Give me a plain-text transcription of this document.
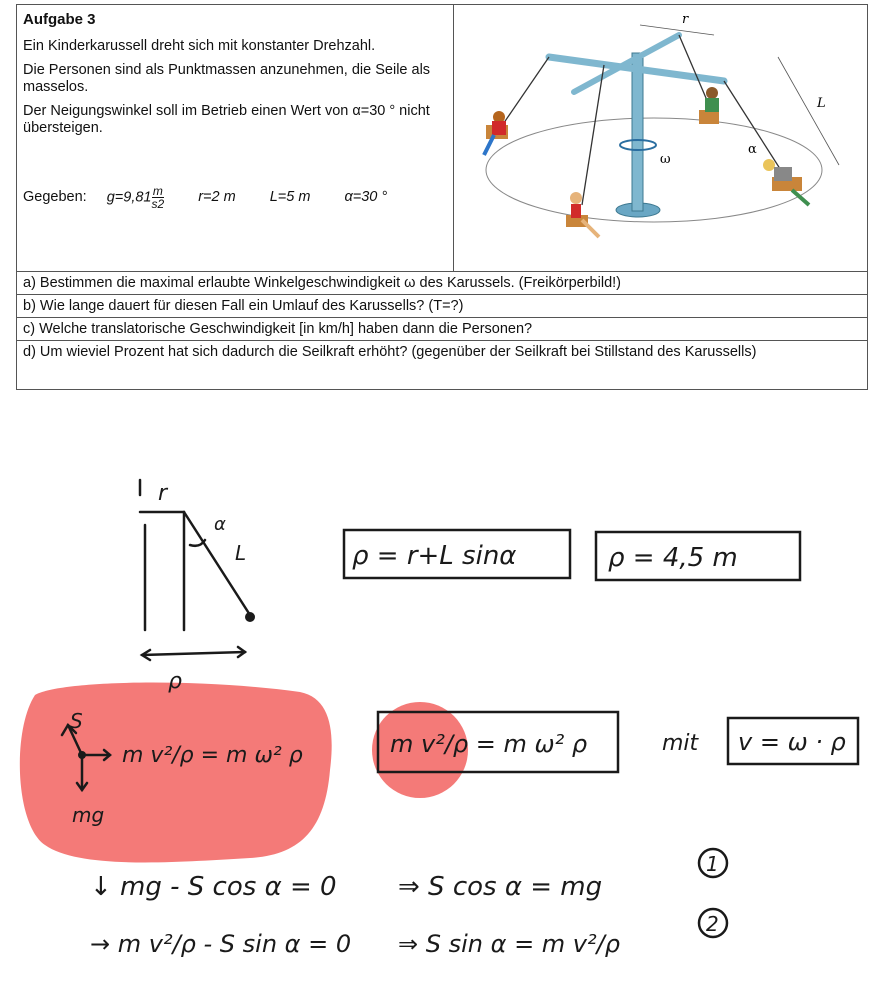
Aufgabe 3

Ein Kinderkarussell dreht sich mit konstanter Drehzahl.

Die Personen sind als Punktmassen anzunehmen, die Seile als masselos.

Der Neigungswinkel soll im Betrieb einen Wert von α=30 ° nicht übersteigen.

Gegeben: $g=9,81 \frac{m}{s2} r=2$ m L=5 m α=30 °
r
L
α
ω
a) Bestimmen die maximal erlaubte Winkelgeschwindigkeit ω des Karussels. (Freikörperbild!)
b) Wie lange dauert für diesen Fall ein Umlauf des Karussells? (T=?)
c) Welche translatorische Geschwindigkeit [in km/h] haben dann die Personen?
d) Um wieviel Prozent hat sich dadurch die Seilkraft erhöht? (gegenüber der Seilkraft bei Stillstand des Karussells)
r
α
L
ρ
ρ = r+L sinα	ρ = 4,5 m
S
m v²/ρ = m ω² ρ
mg
m v²/ρ = m ω² ρ	mit v = ω · ρ
↓ mg - S cos α = 0 ⇒ S cos α = mg
1
→ m v²/ρ - S sin α = 0 ⇒ S sin α = m v²/ρ
2
